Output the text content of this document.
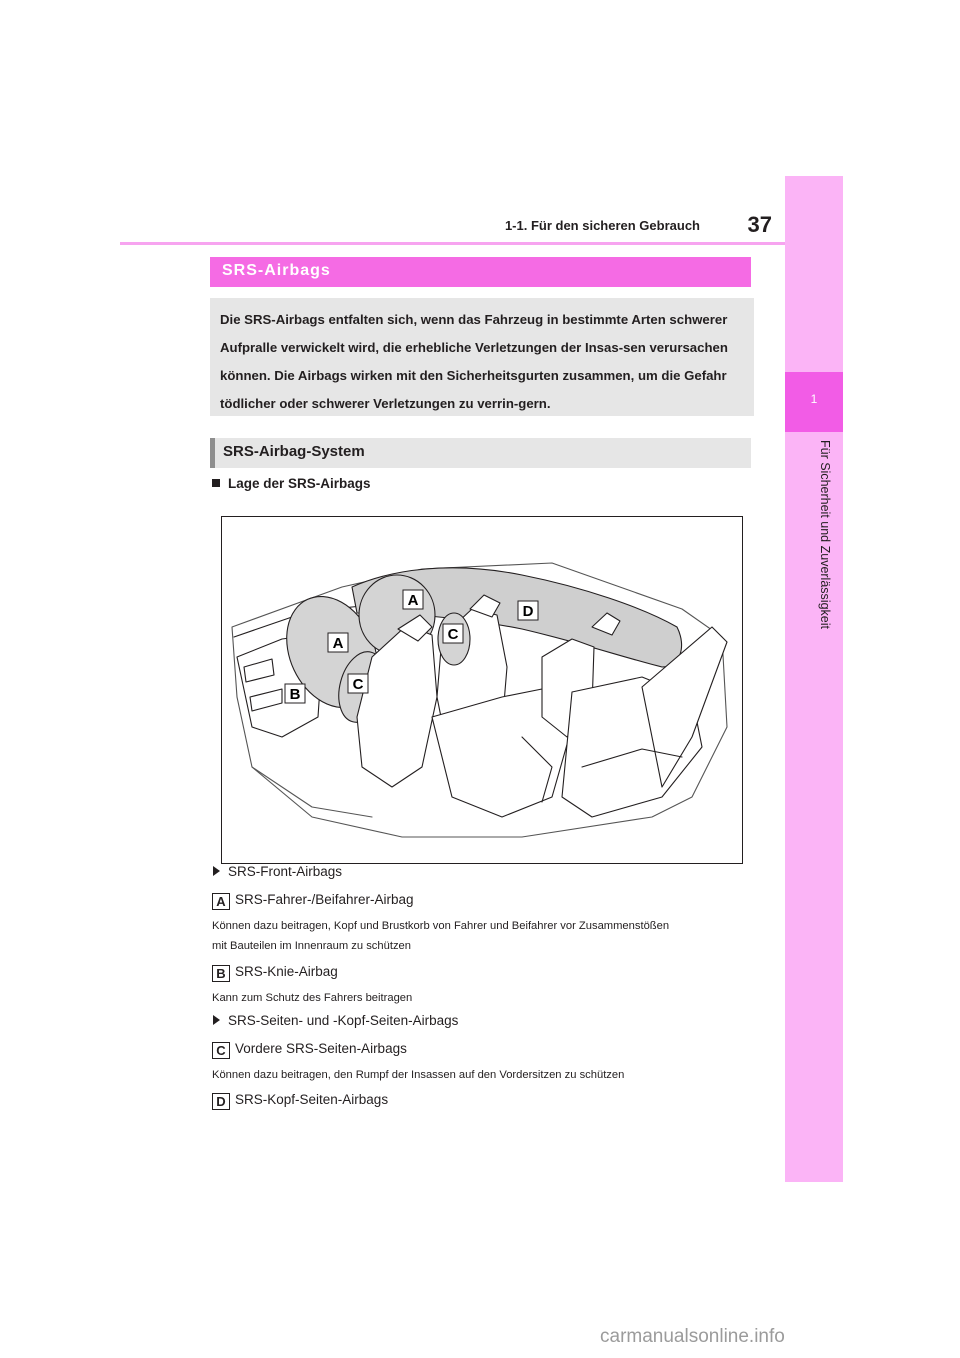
1-1. Für den sicheren Gebrauch	37
1
Für Sicherheit und Zuverlässigkeit
SRS-Airbags

Die SRS-Airbags entfalten sich, wenn das Fahrzeug in bestimmte Arten schwerer Aufpralle verwickelt wird, die erhebliche Verletzungen der Insas-sen verursachen können. Die Airbags wirken mit den Sicherheitsgurten zusammen, um die Gefahr tödlicher oder schwerer Verletzungen zu verrin-gern.

SRS-Airbag-System
Lage der SRS-Airbags
A
A
B
C
C
D
SRS-Front-Airbags
A SRS-Fahrer-/Beifahrer-Airbag
Können dazu beitragen, Kopf und Brustkorb von Fahrer und Beifahrer vor Zusammenstößen
mit Bauteilen im Innenraum zu schützen
B SRS-Knie-Airbag
Kann zum Schutz des Fahrers beitragen
SRS-Seiten- und -Kopf-Seiten-Airbags
C Vordere SRS-Seiten-Airbags
Können dazu beitragen, den Rumpf der Insassen auf den Vordersitzen zu schützen
D SRS-Kopf-Seiten-Airbags
carmanualsonline.info
